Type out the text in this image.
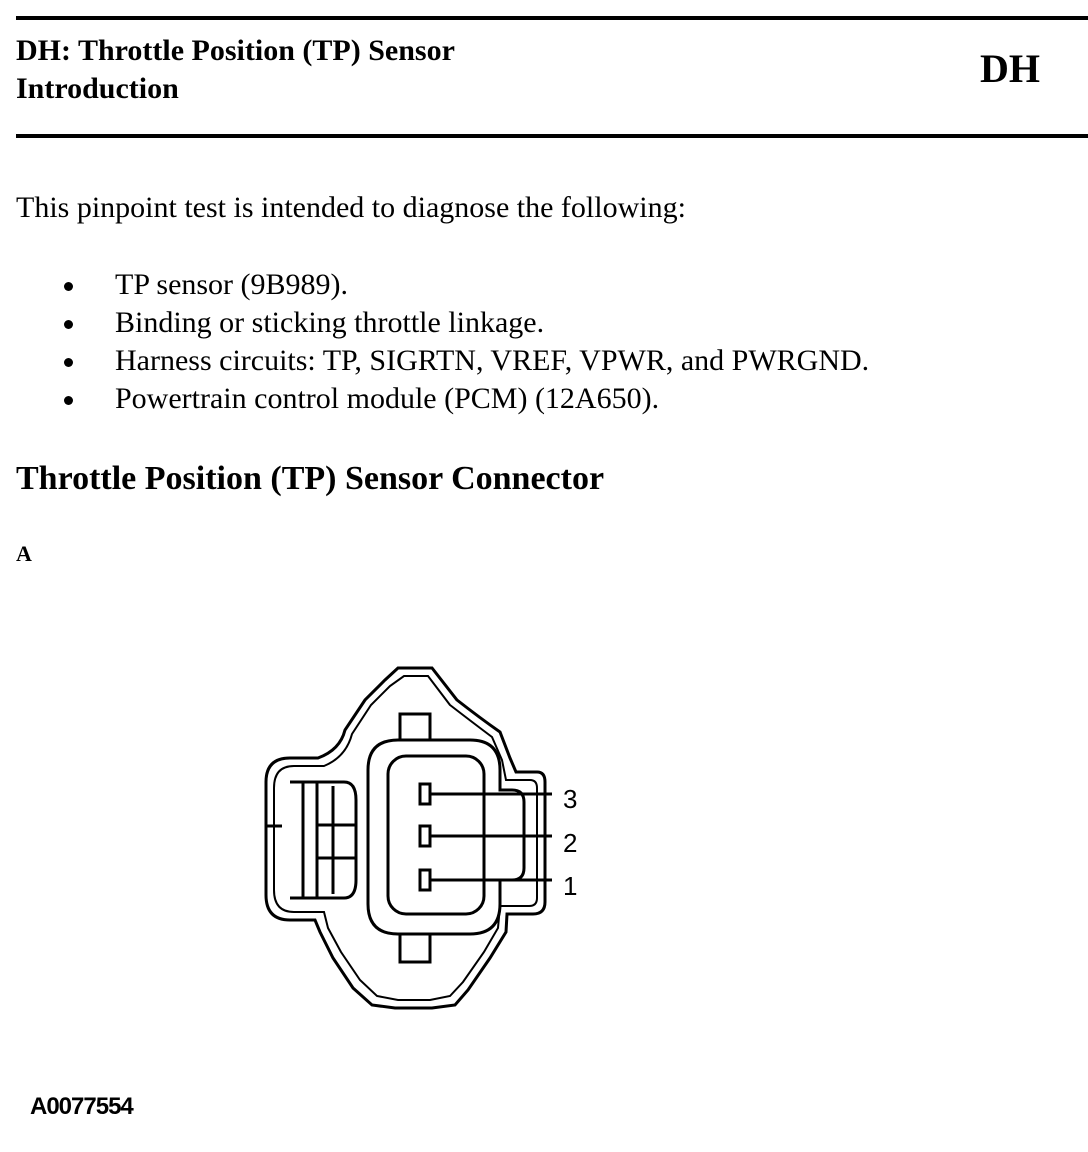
DH: Throttle Position (TP) Sensor
Introduction	DH

This pinpoint test is intended to diagnose the following:

TP sensor (9B989).
Binding or sticking throttle linkage.
Harness circuits: TP, SIGRTN, VREF, VPWR, and PWRGND.
Powertrain control module (PCM) (12A650).
Throttle Position (TP) Sensor Connector
A
3
2
1
A0077554
